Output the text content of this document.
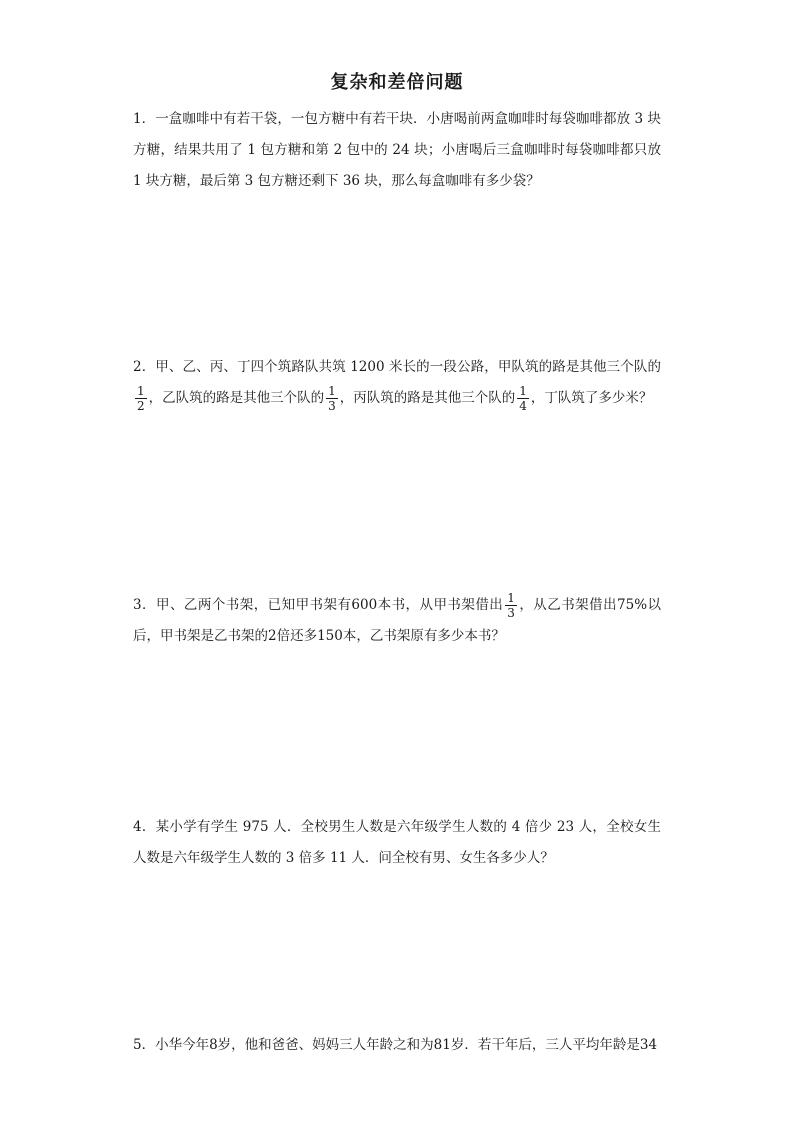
复杂和差倍问题
1．一盒咖啡中有若干袋，一包方糖中有若干块．小唐喝前两盒咖啡时每袋咖啡都放 3 块方糖，结果共用了 1 包方糖和第 2 包中的 24 块；小唐喝后三盒咖啡时每袋咖啡都只放 1 块方糖，最后第 3 包方糖还剩下 36 块，那么每盒咖啡有多少袋？
2．甲、乙、丙、丁四个筑路队共筑 1200 米长的一段公路，甲队筑的路是其他三个队的
$\frac{1}{2}$ ，乙队筑的路是其他三个队的 $\frac{1}{3}$ ，丙队筑的路是其他三个队的 $\frac{1}{4}$ ，丁队筑了多少米？
3．甲、乙两个书架，已知甲书架有600本书，从甲书架借出 $\frac{1}{3}$ ，从乙书架借出75%以后，甲书架是乙书架的2倍还多150本，乙书架原有多少本书？
4．某小学有学生 975 人．全校男生人数是六年级学生人数的 4 倍少 23 人，全校女生人数是六年级学生人数的 3 倍多 11 人．问全校有男、女生各多少人？
5．小华今年8岁，他和爸爸、妈妈三人年龄之和为81岁．若干年后，三人平均年龄是34
